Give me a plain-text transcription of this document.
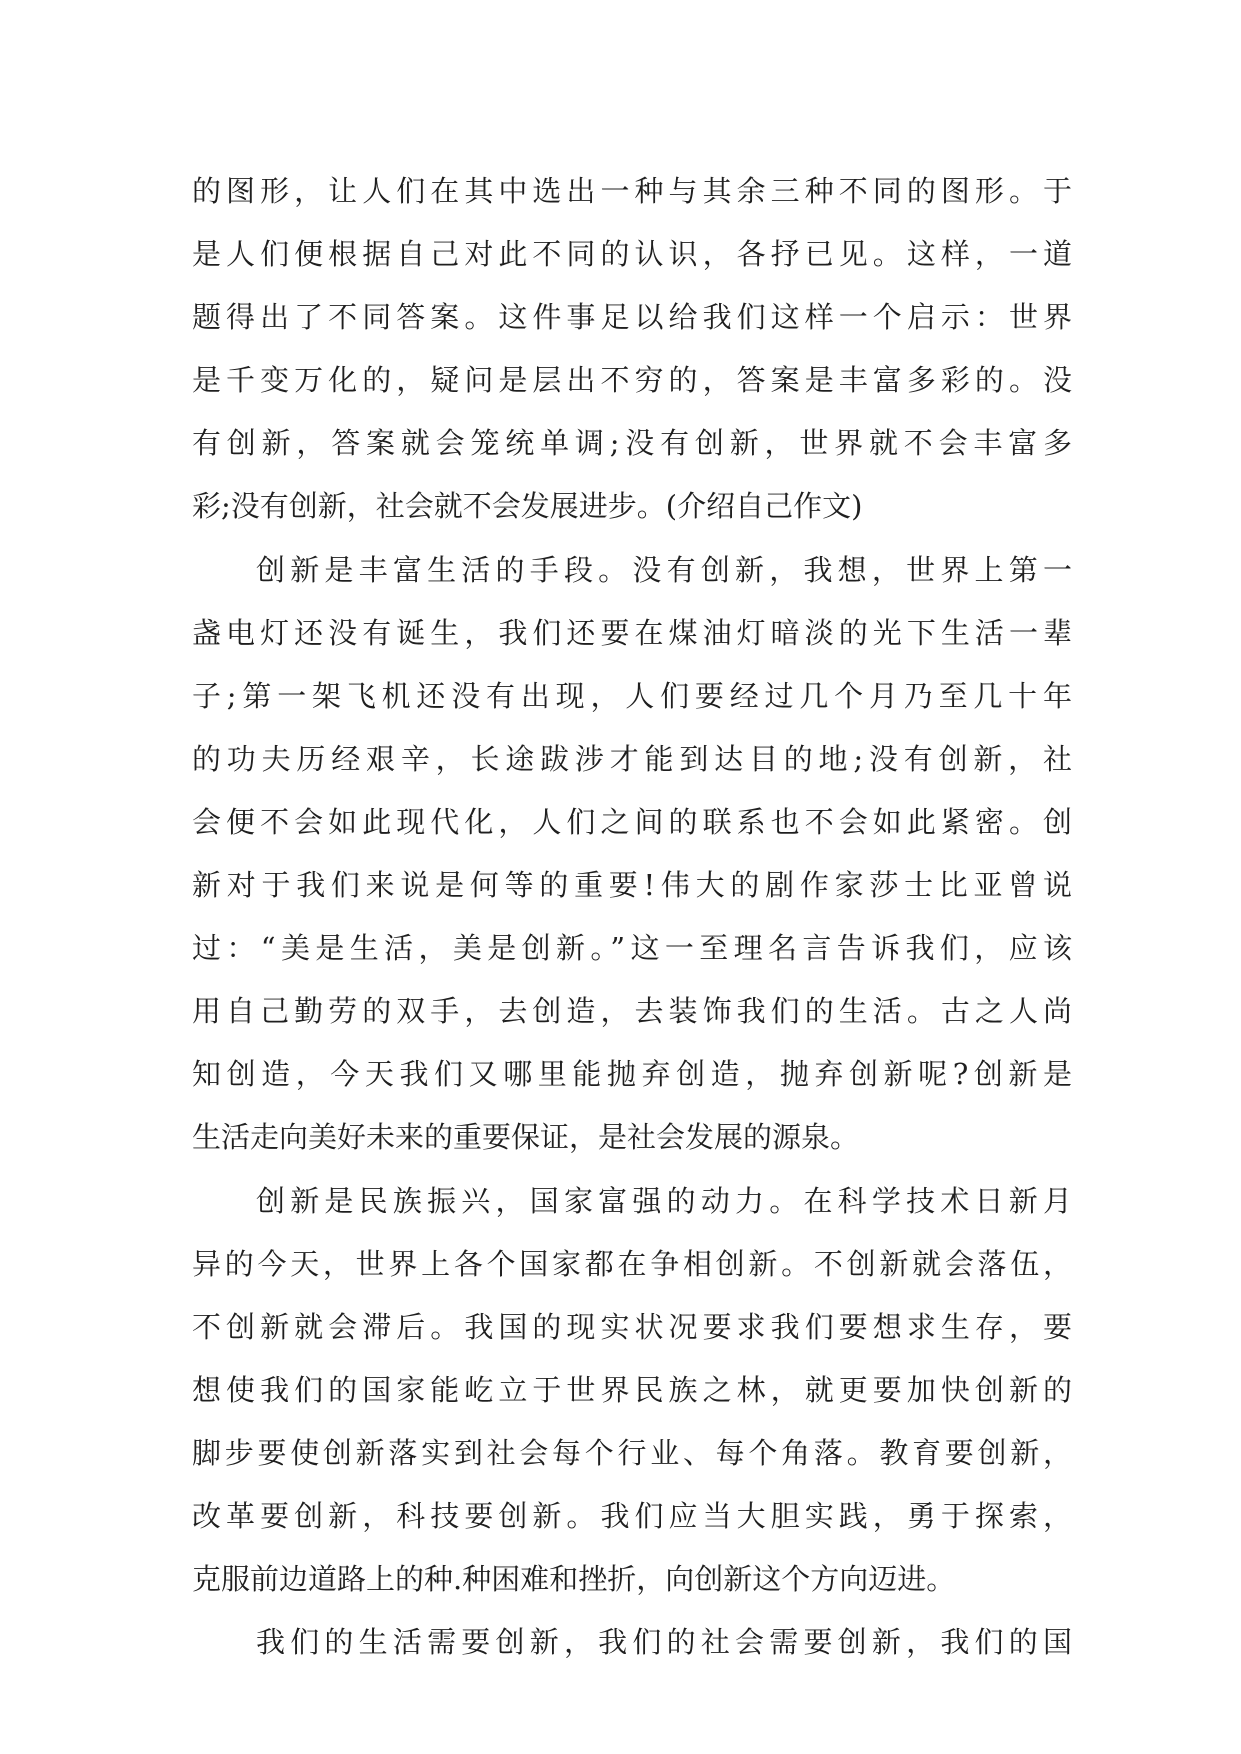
的图形，让人们在其中选出一种与其余三种不同的图形。于
是人们便根据自己对此不同的认识，各抒已见。这样，一道
题得出了不同答案。这件事足以给我们这样一个启示：世界
是千变万化的，疑问是层出不穷的，答案是丰富多彩的。没
有创新，答案就会笼统单调;没有创新，世界就不会丰富多
彩;没有创新，社会就不会发展进步。(介绍自己作文)
创新是丰富生活的手段。没有创新，我想，世界上第一
盏电灯还没有诞生，我们还要在煤油灯暗淡的光下生活一辈
子;第一架飞机还没有出现，人们要经过几个月乃至几十年
的功夫历经艰辛，长途跋涉才能到达目的地;没有创新，社
会便不会如此现代化，人们之间的联系也不会如此紧密。创
新对于我们来说是何等的重要!伟大的剧作家莎士比亚曾说
过：“美是生活，美是创新。”这一至理名言告诉我们，应该
用自己勤劳的双手，去创造，去装饰我们的生活。古之人尚
知创造，今天我们又哪里能抛弃创造，抛弃创新呢?创新是
生活走向美好未来的重要保证，是社会发展的源泉。
创新是民族振兴，国家富强的动力。在科学技术日新月
异的今天，世界上各个国家都在争相创新。不创新就会落伍，
不创新就会滞后。我国的现实状况要求我们要想求生存，要
想使我们的国家能屹立于世界民族之林，就更要加快创新的
脚步要使创新落实到社会每个行业、每个角落。教育要创新，
改革要创新，科技要创新。我们应当大胆实践，勇于探索，
克服前边道路上的种.种困难和挫折，向创新这个方向迈进。
我们的生活需要创新，我们的社会需要创新，我们的国
